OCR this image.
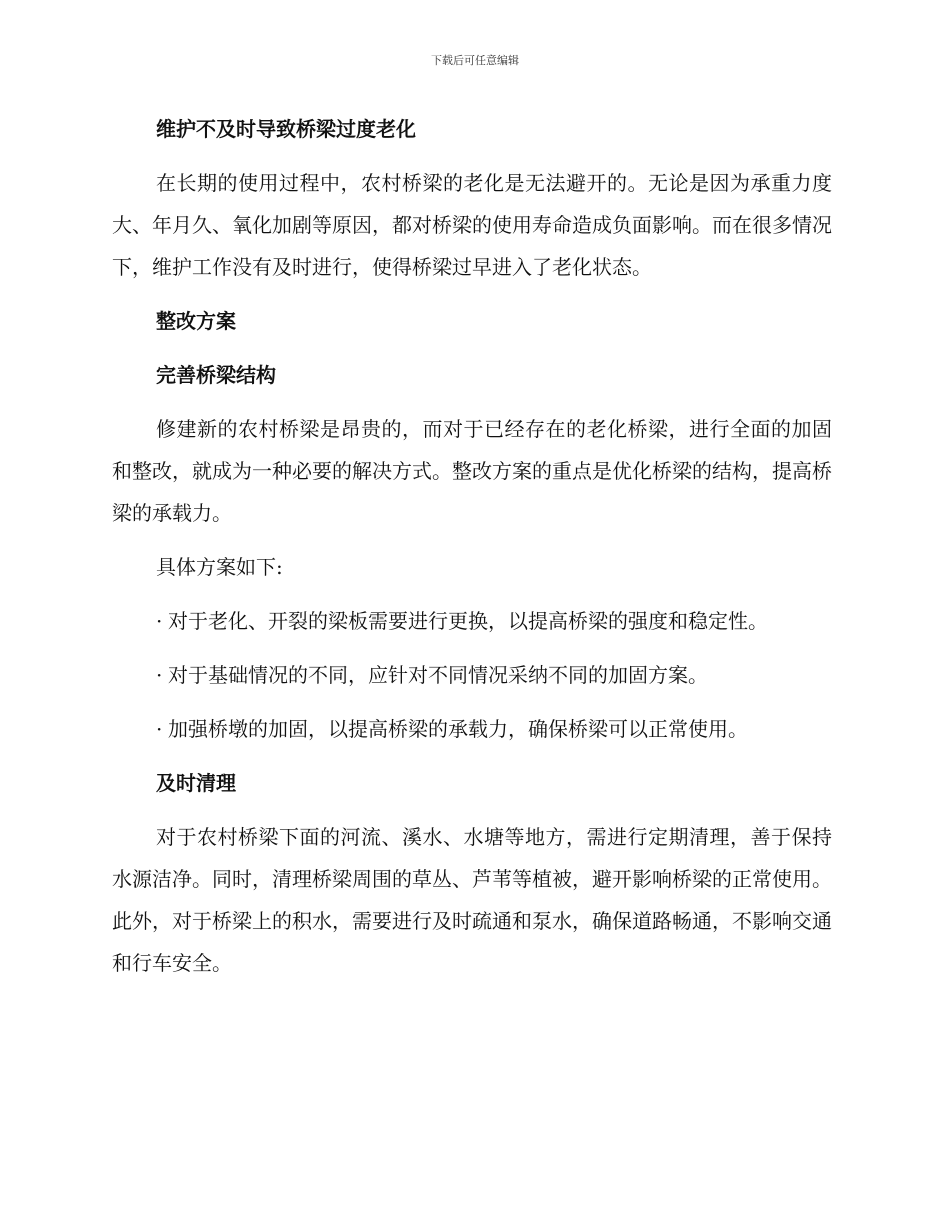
下载后可任意编辑
维护不及时导致桥梁过度老化

在长期的使用过程中，农村桥梁的老化是无法避开的。无论是因为承重力度大、年月久、氧化加剧等原因，都对桥梁的使用寿命造成负面影响。而在很多情况下，维护工作没有及时进行，使得桥梁过早进入了老化状态。

整改方案
完善桥梁结构

修建新的农村桥梁是昂贵的，而对于已经存在的老化桥梁，进行全面的加固和整改，就成为一种必要的解决方式。整改方案的重点是优化桥梁的结构，提高桥梁的承载力。

具体方案如下:

· 对于老化、开裂的梁板需要进行更换，以提高桥梁的强度和稳定性。

· 对于基础情况的不同，应针对不同情况采纳不同的加固方案。

· 加强桥墩的加固，以提高桥梁的承载力，确保桥梁可以正常使用。

及时清理

对于农村桥梁下面的河流、溪水、水塘等地方，需进行定期清理，善于保持水源洁净。同时，清理桥梁周围的草丛、芦苇等植被，避开影响桥梁的正常使用。此外，对于桥梁上的积水，需要进行及时疏通和泵水，确保道路畅通，不影响交通和行车安全。
